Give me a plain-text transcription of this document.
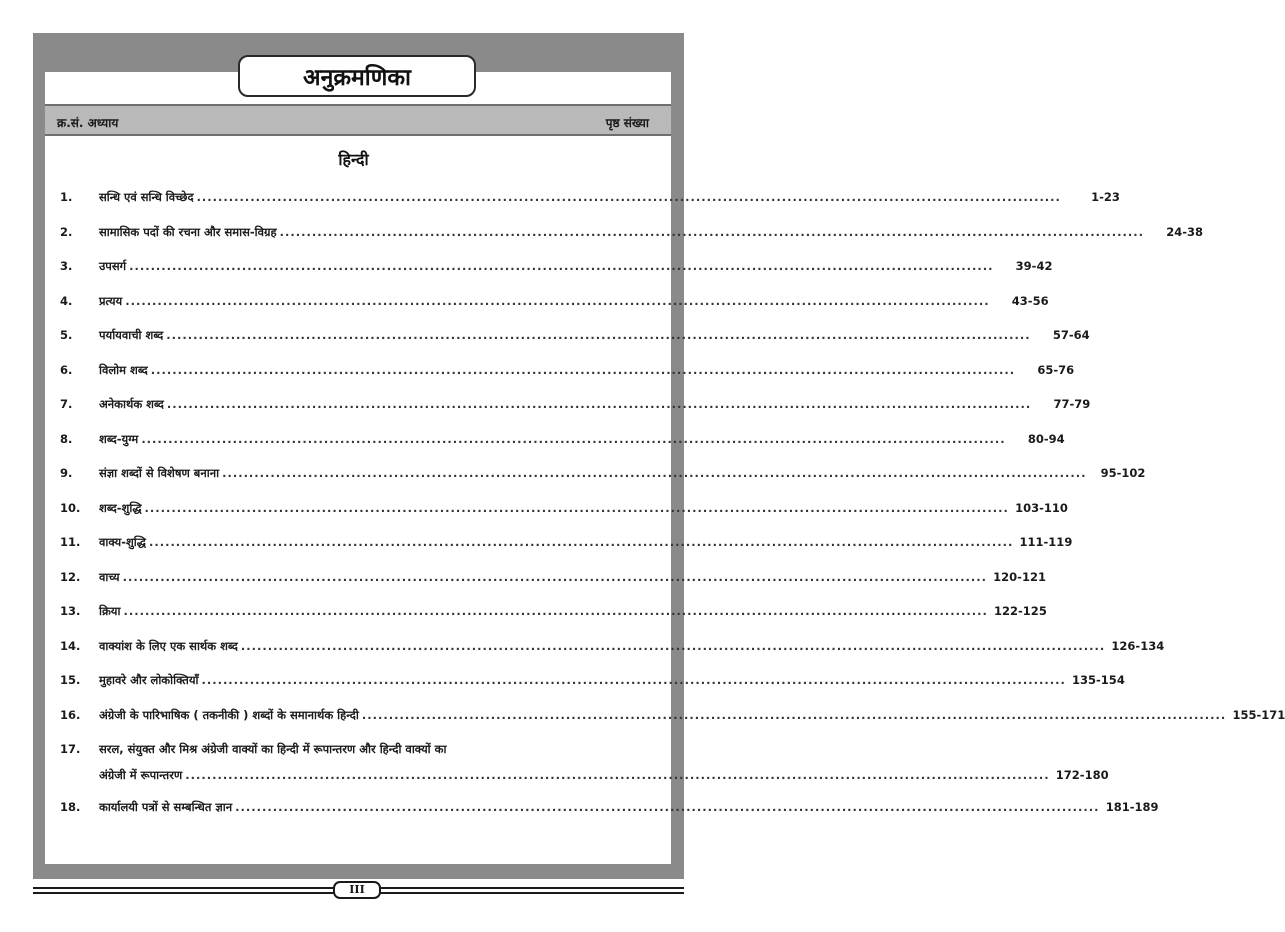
अनुक्रमणिका
क्र.सं. अध्याय	पृष्ठ संख्या
हिन्दी
1.	सन्धि एवं सन्धि विच्छेद .................................................................................................................................................................	1-23
2.	सामासिक पदों की रचना और समास-विग्रह .................................................................................................................................................................	24-38
3.	उपसर्ग .................................................................................................................................................................	39-42
4.	प्रत्यय .................................................................................................................................................................	43-56
5.	पर्यायवाची शब्द .................................................................................................................................................................	57-64
6.	विलोम शब्द .................................................................................................................................................................	65-76
7.	अनेकार्थक शब्द .................................................................................................................................................................	77-79
8.	शब्द-युग्म .................................................................................................................................................................	80-94
9.	संज्ञा शब्दों से विशेषण बनाना .................................................................................................................................................................	95-102
10.	शब्द-शुद्धि ................................................................................................................................................................. 103-110
11.	वाक्य-शुद्धि ................................................................................................................................................................. 111-119
12.	वाच्य ................................................................................................................................................................. 120-121
13.	क्रिया ................................................................................................................................................................. 122-125
14.	वाक्यांश के लिए एक सार्थक शब्द ................................................................................................................................................................. 126-134
15.	मुहावरे और लोकोक्तियाँ ................................................................................................................................................................. 135-154
16.	अंग्रेजी के पारिभाषिक ( तकनीकी ) शब्दों के समानार्थक हिन्दी ................................................................................................................................................................. 155-171
17.	सरल, संयुक्त और मिश्र अंग्रेजी वाक्यों का हिन्दी में रूपान्तरण और हिन्दी वाक्यों का
अंग्रेजी में रूपान्तरण ................................................................................................................................................................. 172-180
18.	कार्यालयी पत्रों से सम्बन्धित ज्ञान ................................................................................................................................................................. 181-189
III
